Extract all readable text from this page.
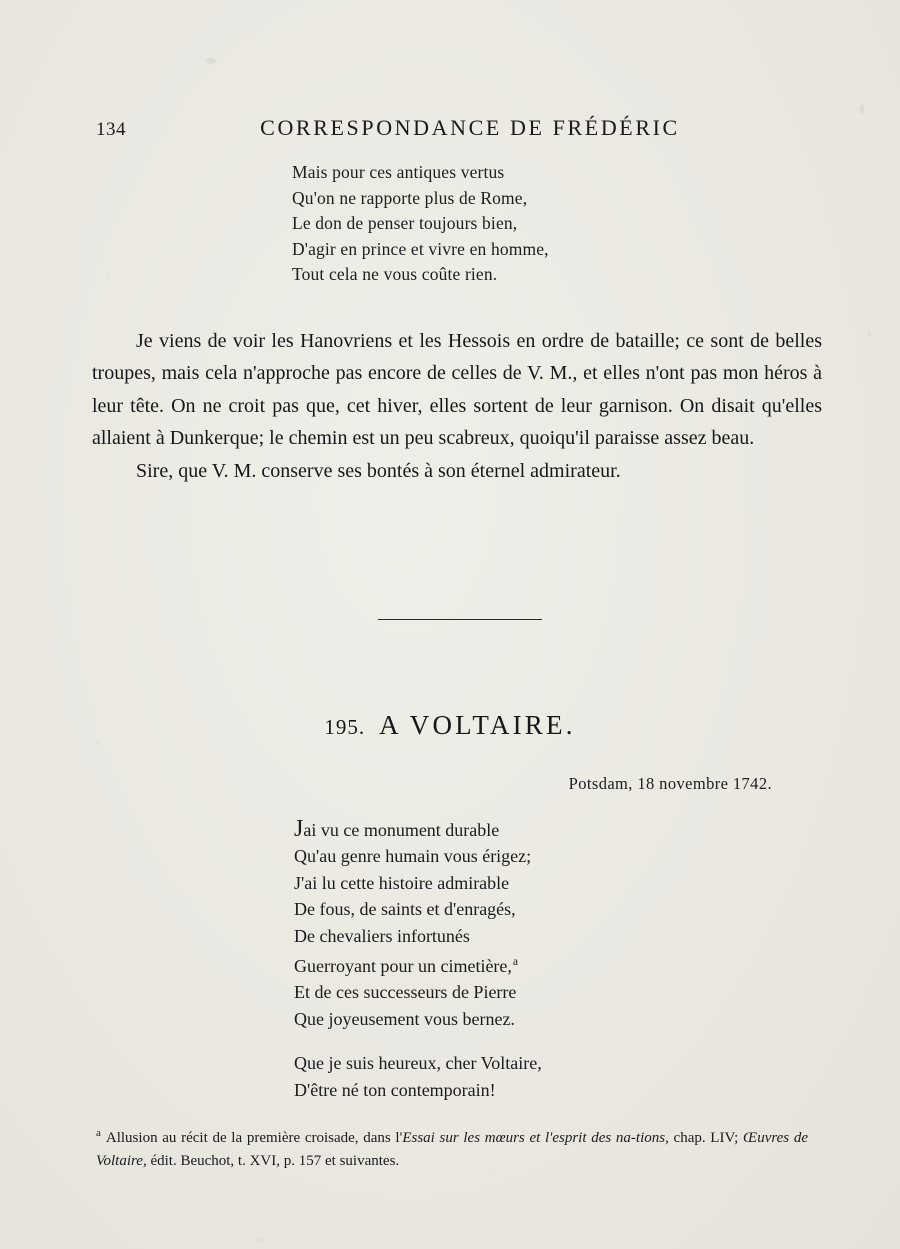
134	CORRESPONDANCE DE FRÉDÉRIC
Mais pour ces antiques vertus
Qu'on ne rapporte plus de Rome,
Le don de penser toujours bien,
D'agir en prince et vivre en homme,
Tout cela ne vous coûte rien.

Je viens de voir les Hanovriens et les Hessois en ordre de bataille; ce sont de belles troupes, mais cela n'approche pas encore de celles de V. M., et elles n'ont pas mon héros à leur tête. On ne croit pas que, cet hiver, elles sortent de leur garnison. On disait qu'elles allaient à Dunkerque; le chemin est un peu scabreux, quoiqu'il paraisse assez beau.

Sire, que V. M. conserve ses bontés à son éternel admirateur.

195. A VOLTAIRE.
Potsdam, 18 novembre 1742.
Jai vu ce monument durable
Qu'au genre humain vous érigez;
J'ai lu cette histoire admirable
De fous, de saints et d'enragés,
De chevaliers infortunés
Guerroyant pour un cimetière,$^a$
Et de ces successeurs de Pierre
Que joyeusement vous bernez.
Que je suis heureux, cher Voltaire,
D'être né ton contemporain!
$^a$ Allusion au récit de la première croisade, dans l'Essai sur les mœurs et l'esprit des na-tions, chap. LIV; Œuvres de Voltaire, édit. Beuchot, t. XVI, p. 157 et suivantes.
